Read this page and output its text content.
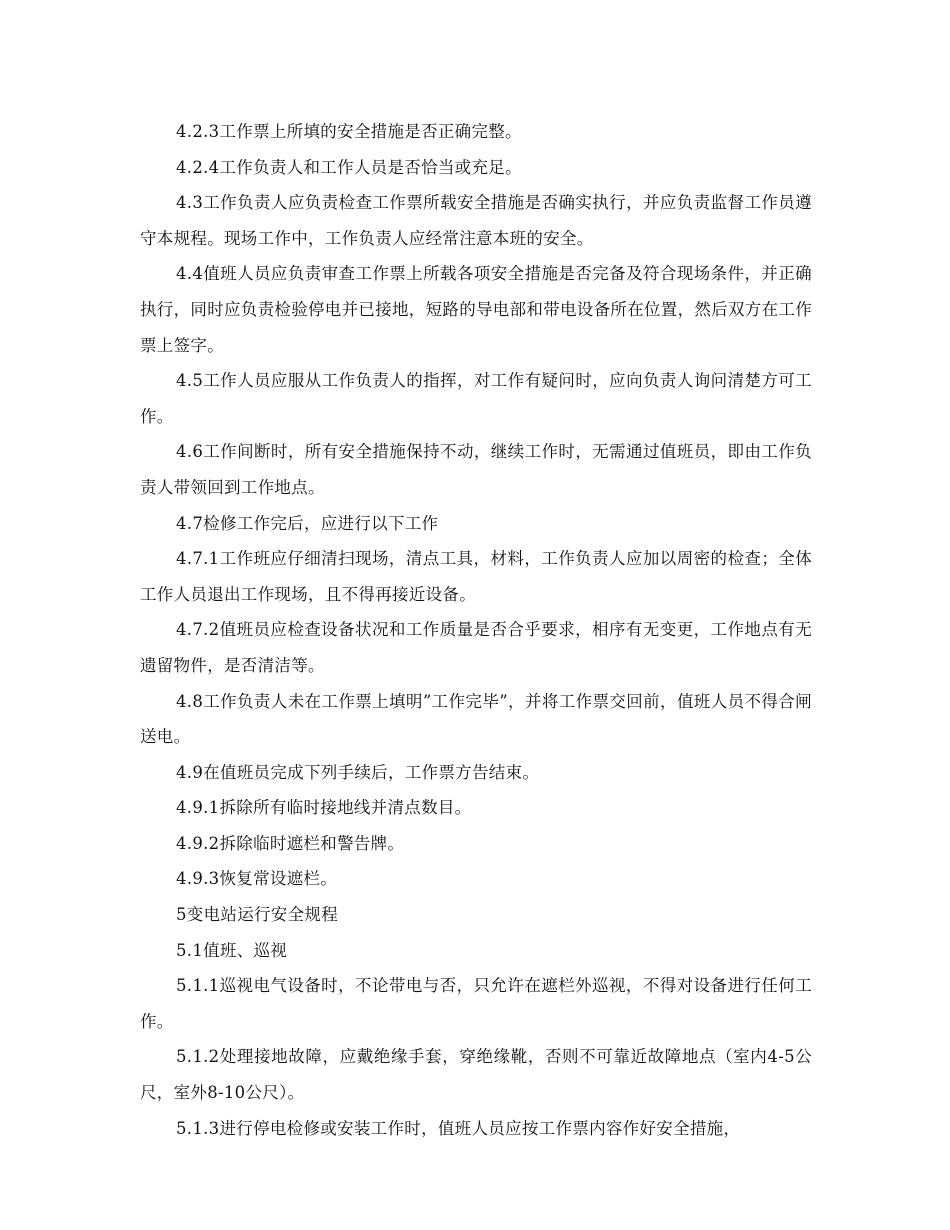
4.2.3工作票上所填的安全措施是否正确完整。

4.2.4工作负责人和工作人员是否恰当或充足。

4.3工作负责人应负责检查工作票所载安全措施是否确实执行，并应负责监督工作员遵守本规程。现场工作中，工作负责人应经常注意本班的安全。

4.4值班人员应负责审查工作票上所载各项安全措施是否完备及符合现场条件，并正确执行，同时应负责检验停电并已接地，短路的导电部和带电设备所在位置，然后双方在工作票上签字。

4.5工作人员应服从工作负责人的指挥，对工作有疑问时，应向负责人询问清楚方可工作。

4.6工作间断时，所有安全措施保持不动，继续工作时，无需通过值班员，即由工作负责人带领回到工作地点。

4.7检修工作完后，应进行以下工作

4.7.1工作班应仔细清扫现场，清点工具，材料，工作负责人应加以周密的检查；全体工作人员退出工作现场，且不得再接近设备。

4.7.2值班员应检查设备状况和工作质量是否合乎要求，相序有无变更，工作地点有无遗留物件，是否清洁等。

4.8工作负责人未在工作票上填明”工作完毕”，并将工作票交回前，值班人员不得合闸送电。

4.9在值班员完成下列手续后，工作票方告结束。

4.9.1拆除所有临时接地线并清点数目。

4.9.2拆除临时遮栏和警告牌。

4.9.3恢复常设遮栏。

5变电站运行安全规程

5.1值班、巡视

5.1.1巡视电气设备时，不论带电与否，只允许在遮栏外巡视，不得对设备进行任何工作。

5.1.2处理接地故障，应戴绝缘手套，穿绝缘靴，否则不可靠近故障地点（室内4-5公尺，室外8-10公尺）。

5.1.3进行停电检修或安装工作时，值班人员应按工作票内容作好安全措施，
